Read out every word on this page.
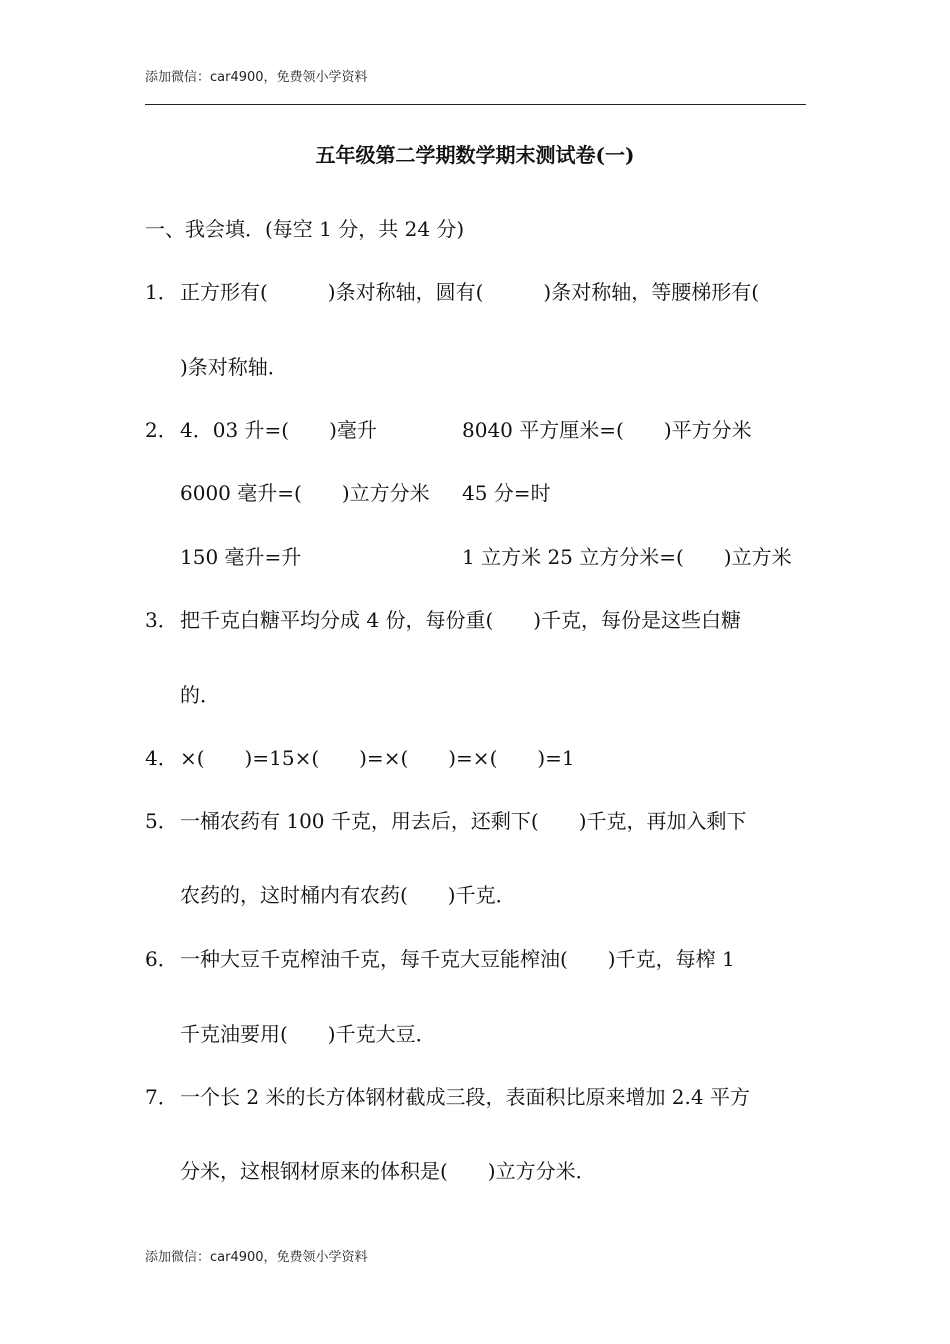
添加微信：car4900，免费领小学资料
五年级第二学期数学期末测试卷(一)
一、我会填．(每空 1 分，共 24 分)
1． 正方形有(　　　)条对称轴，圆有(　　　)条对称轴，等腰梯形有(
)条对称轴．
2． 4．03 升=(　　)毫升	8040 平方厘米=(　　)平方分米
6000 毫升=(　　)立方分米 45 分=时
150 毫升=升	1 立方米 25 立方分米=(　　)立方米
3． 把千克白糖平均分成 4 份，每份重(　　)千克，每份是这些白糖
的．
4． ×(　　)=15×(　　)=×(　　)=×(　　)=1
5． 一桶农药有 100 千克，用去后，还剩下(　　)千克，再加入剩下
农药的，这时桶内有农药(　　)千克．
6． 一种大豆千克榨油千克，每千克大豆能榨油(　　)千克，每榨 1
千克油要用(　　)千克大豆．
7． 一个长 2 米的长方体钢材截成三段，表面积比原来增加 2.4 平方
分米，这根钢材原来的体积是(　　)立方分米．
添加微信：car4900，免费领小学资料
